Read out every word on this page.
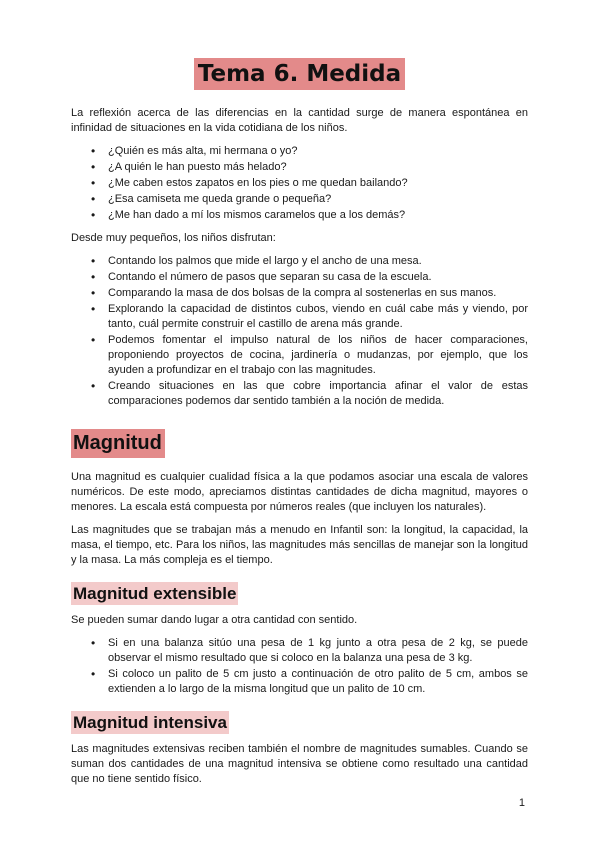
Tema 6. Medida

La reflexión acerca de las diferencias en la cantidad surge de manera espontánea en infinidad de situaciones en la vida cotidiana de los niños.

• ¿Quién es más alta, mi hermana o yo?
• ¿A quién le han puesto más helado?
• ¿Me caben estos zapatos en los pies o me quedan bailando?
• ¿Esa camiseta me queda grande o pequeña?
• ¿Me han dado a mí los mismos caramelos que a los demás?

Desde muy pequeños, los niños disfrutan:

• Contando los palmos que mide el largo y el ancho de una mesa.
• Contando el número de pasos que separan su casa de la escuela.
• Comparando la masa de dos bolsas de la compra al sostenerlas en sus manos.
• Explorando la capacidad de distintos cubos, viendo en cuál cabe más y viendo, por tanto, cuál permite construir el castillo de arena más grande.
• Podemos fomentar el impulso natural de los niños de hacer comparaciones, proponiendo proyectos de cocina, jardinería o mudanzas, por ejemplo, que los ayuden a profundizar en el trabajo con las magnitudes.
• Creando situaciones en las que cobre importancia afinar el valor de estas comparaciones podemos dar sentido también a la noción de medida.
Magnitud

Una magnitud es cualquier cualidad física a la que podamos asociar una escala de valores numéricos. De este modo, apreciamos distintas cantidades de dicha magnitud, mayores o menores. La escala está compuesta por números reales (que incluyen los naturales).

Las magnitudes que se trabajan más a menudo en Infantil son: la longitud, la capacidad, la masa, el tiempo, etc. Para los niños, las magnitudes más sencillas de manejar son la longitud y la masa. La más compleja es el tiempo.

Magnitud extensible

Se pueden sumar dando lugar a otra cantidad con sentido.

• Si en una balanza sitúo una pesa de 1 kg junto a otra pesa de 2 kg, se puede observar el mismo resultado que si coloco en la balanza una pesa de 3 kg.
• Si coloco un palito de 5 cm justo a continuación de otro palito de 5 cm, ambos se extienden a lo largo de la misma longitud que un palito de 10 cm.
Magnitud intensiva

Las magnitudes extensivas reciben también el nombre de magnitudes sumables. Cuando se suman dos cantidades de una magnitud intensiva se obtiene como resultado una cantidad que no tiene sentido físico.

1
